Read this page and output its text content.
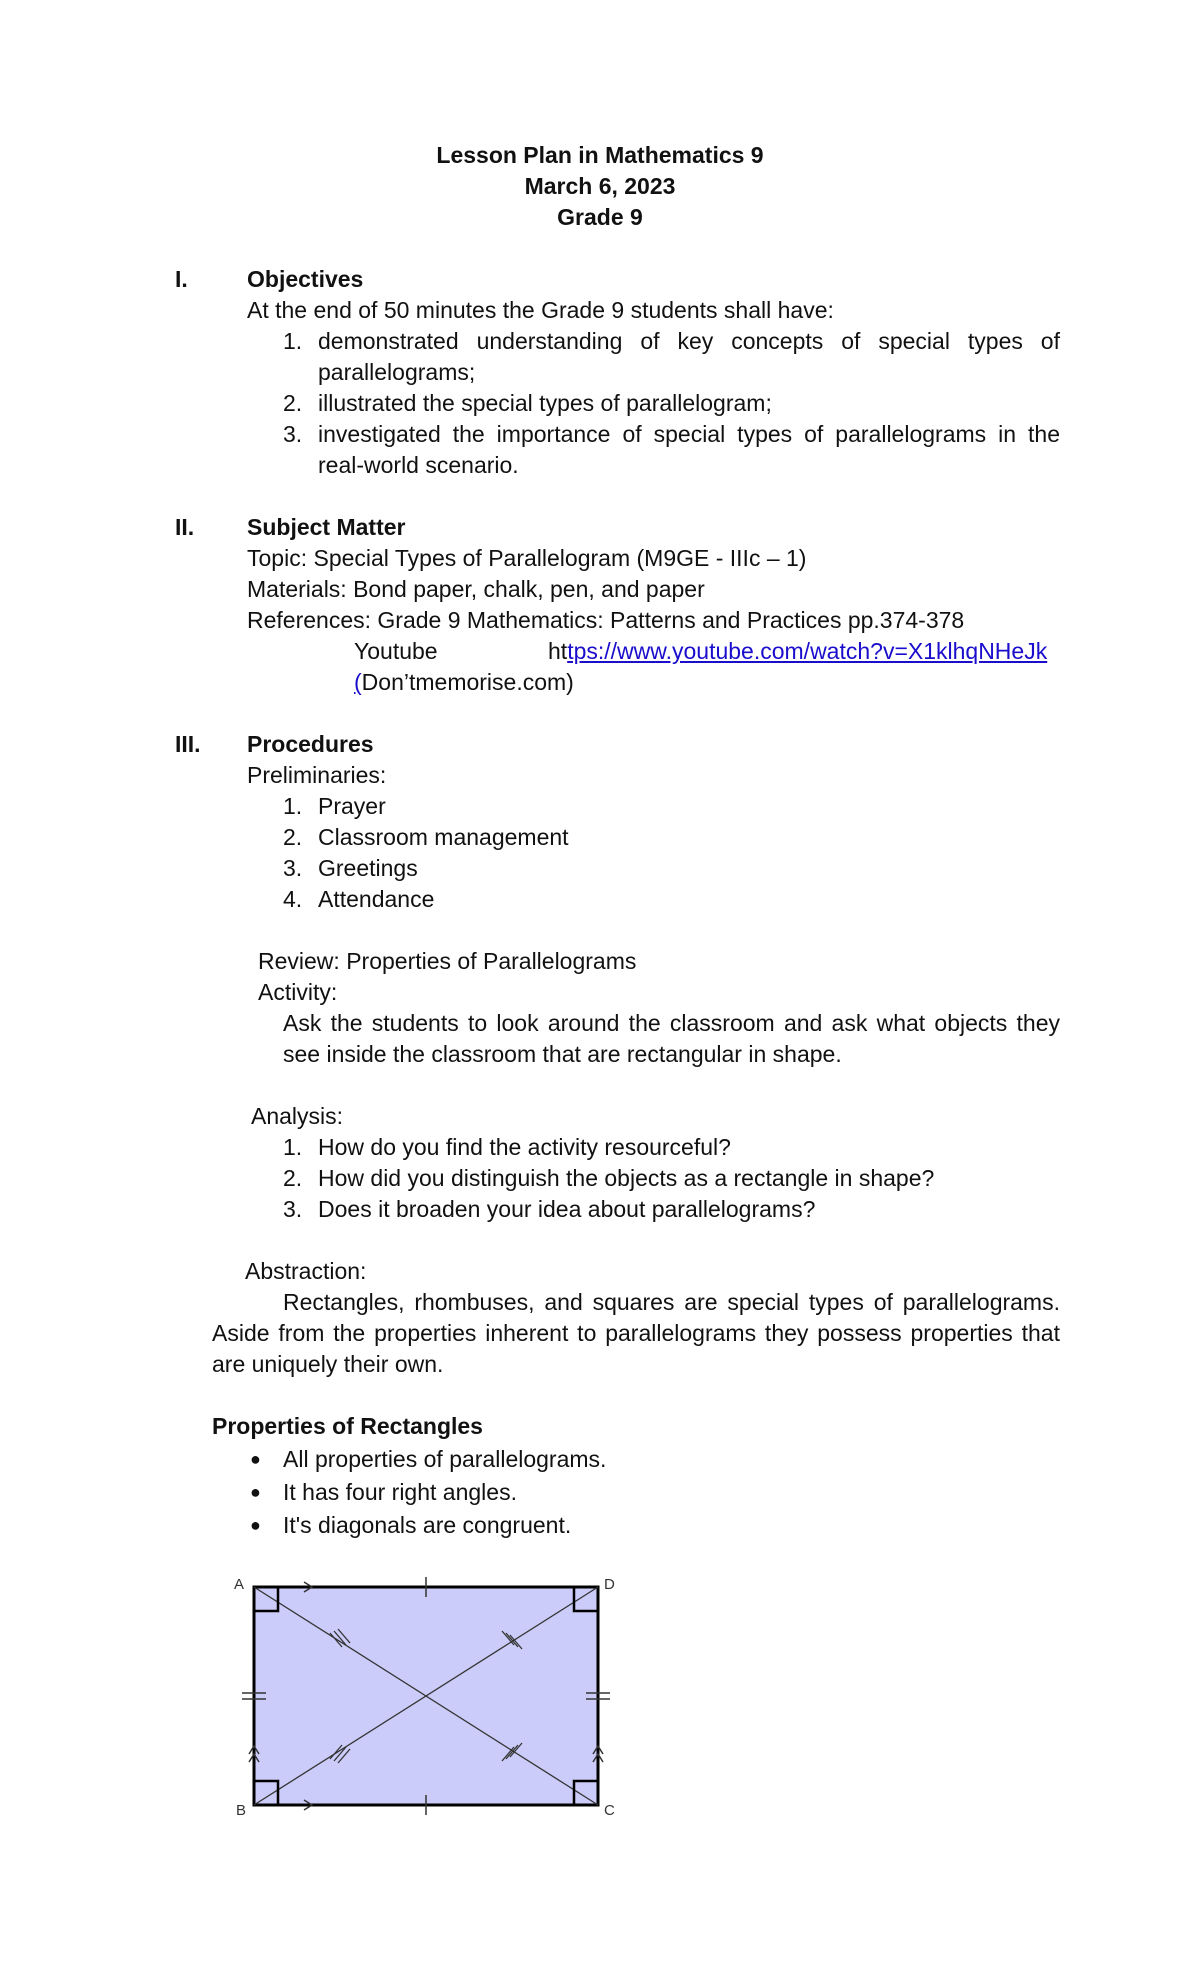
Lesson Plan in Mathematics 9
March 6, 2023
Grade 9
I.	Objectives
At the end of 50 minutes the Grade 9 students shall have:
1. demonstrated understanding of key concepts of special types of
parallelograms;
2. illustrated the special types of parallelogram;
3. investigated the importance of special types of parallelograms in the
real-world scenario.
II. Subject Matter
Topic: Special Types of Parallelogram (M9GE - IIIc – 1)
Materials: Bond paper, chalk, pen, and paper
References: Grade 9 Mathematics: Patterns and Practices pp.374-378
Youtube	https://www.youtube.com/watch?v=X1klhqNHeJk
(Don’tmemorise.com)
III. Procedures
Preliminaries:
1. Prayer
2. Classroom management
3. Greetings
4. Attendance
Review: Properties of Parallelograms
Activity:
Ask the students to look around the classroom and ask what objects they
see inside the classroom that are rectangular in shape.
Analysis:
1. How do you find the activity resourceful?
2. How did you distinguish the objects as a rectangle in shape?
3. Does it broaden your idea about parallelograms?
Abstraction:
Rectangles, rhombuses, and squares are special types of parallelograms.
Aside from the properties inherent to parallelograms they possess properties that
are uniquely their own.
Properties of Rectangles
● All properties of parallelograms.
● It has four right angles.
● It's diagonals are congruent.
A	D
B	C
